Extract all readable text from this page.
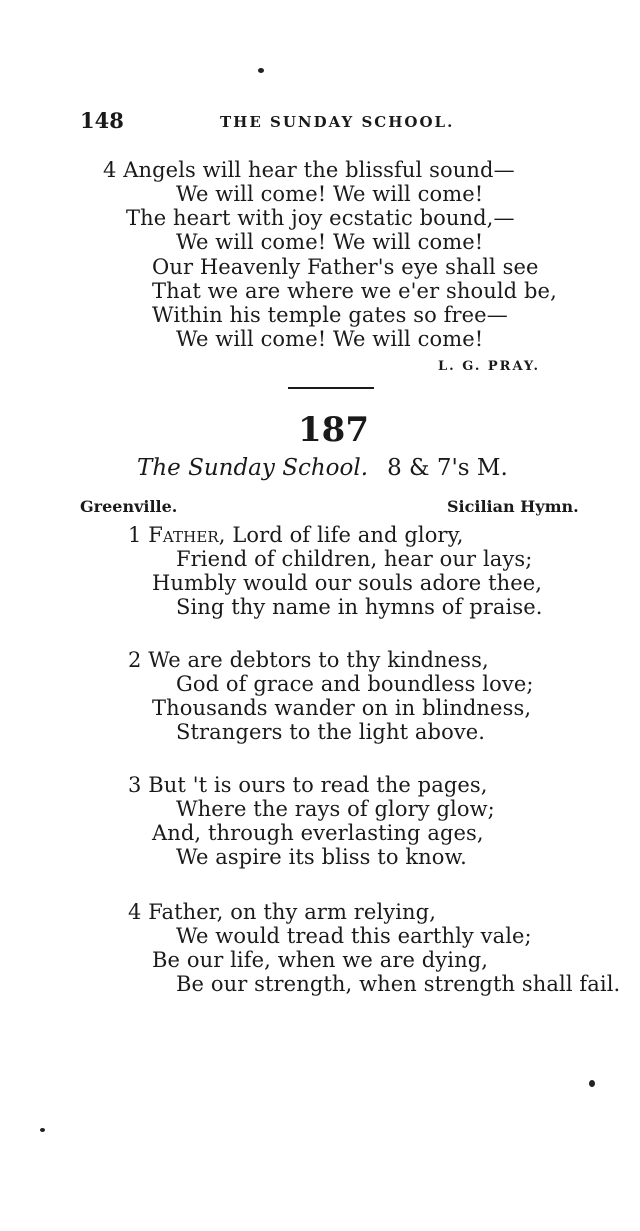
148	THE SUNDAY SCHOOL.
4 Angels will hear the blissful sound—
We will come! We will come!
The heart with joy ecstatic bound,—
We will come! We will come!
Our Heavenly Father's eye shall see
That we are where we e'er should be,
Within his temple gates so free—
We will come! We will come!
L. G. PRAY.
187
The Sunday School. 8 & 7's M.
Greenville.	Sicilian Hymn.
1 Father, Lord of life and glory,
Friend of children, hear our lays;
Humbly would our souls adore thee,
Sing thy name in hymns of praise.
2 We are debtors to thy kindness,
God of grace and boundless love;
Thousands wander on in blindness,
Strangers to the light above.
3 But 't is ours to read the pages,
Where the rays of glory glow;
And, through everlasting ages,
We aspire its bliss to know.
4 Father, on thy arm relying,
We would tread this earthly vale;
Be our life, when we are dying,
Be our strength, when strength shall fail.
